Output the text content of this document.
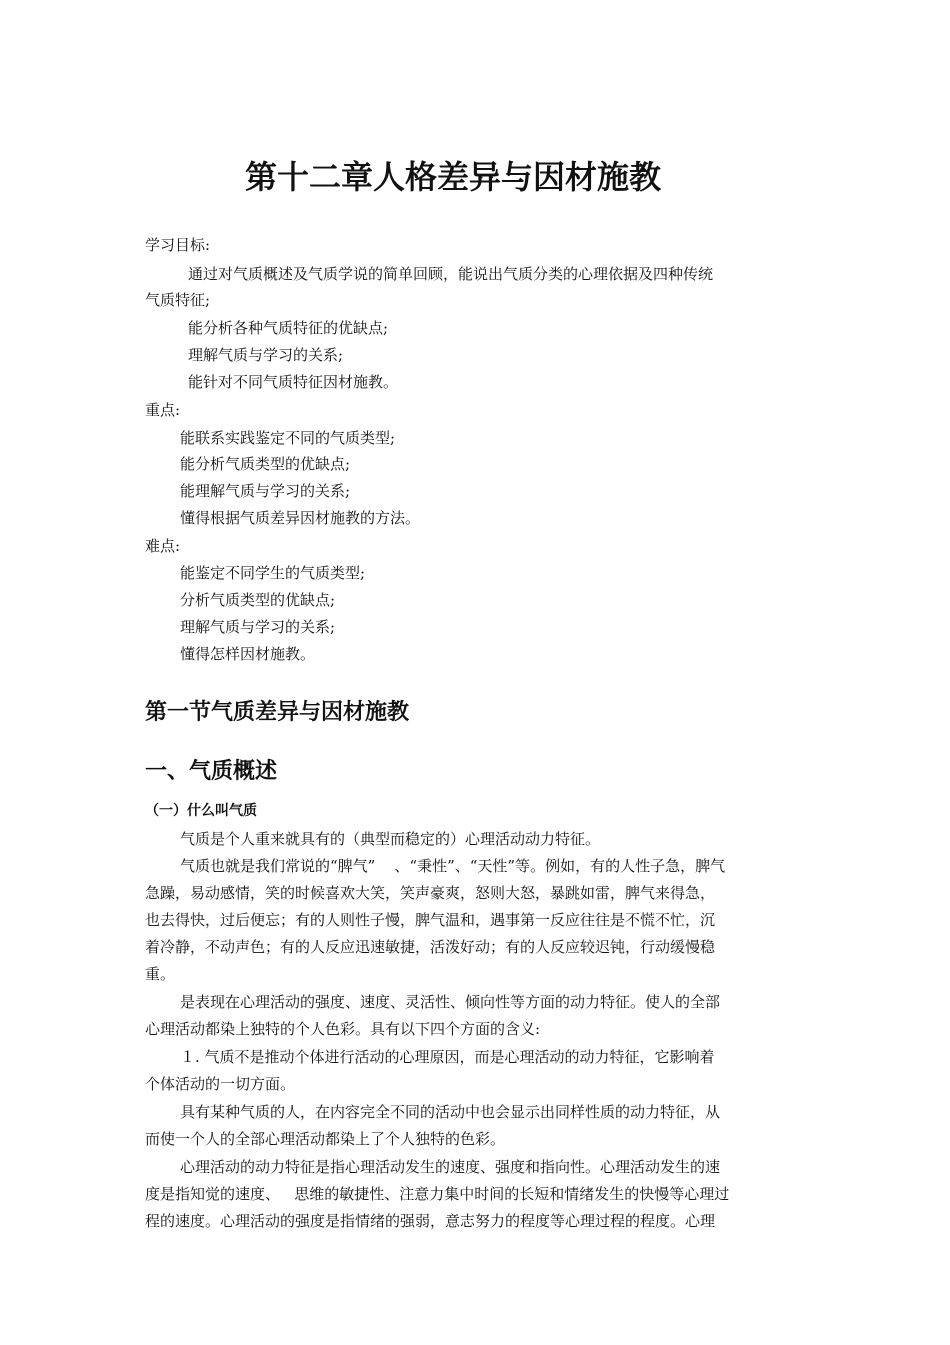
第十二章人格差异与因材施教

学习目标:

通过对气质概述及气质学说的简单回顾，能说出气质分类的心理依据及四种传统

气质特征;

能分析各种气质特征的优缺点;

理解气质与学习的关系;

能针对不同气质特征因材施教。

重点:

能联系实践鉴定不同的气质类型;

能分析气质类型的优缺点;

能理解气质与学习的关系;

懂得根据气质差异因材施教的方法。

难点:

能鉴定不同学生的气质类型;

分析气质类型的优缺点;

理解气质与学习的关系;

懂得怎样因材施教。

第一节气质差异与因材施教
一、气质概述
（一）什么叫气质

气质是个人重来就具有的（典型而稳定的）心理活动动力特征。

气质也就是我们常说的“脾气”    、“秉性”、“天性”等。例如，有的人性子急，脾气

急躁，易动感情，笑的时候喜欢大笑，笑声豪爽，怒则大怒，暴跳如雷，脾气来得急，

也去得快，过后便忘；有的人则性子慢，脾气温和，遇事第一反应往往是不慌不忙，沉

着冷静，不动声色；有的人反应迅速敏捷，活泼好动；有的人反应较迟钝，行动缓慢稳

重。

是表现在心理活动的强度、速度、灵活性、倾向性等方面的动力特征。使人的全部

心理活动都染上独特的个人色彩。具有以下四个方面的含义:

１. 气质不是推动个体进行活动的心理原因，而是心理活动的动力特征，它影响着

个体活动的一切方面。

具有某种气质的人，在内容完全不同的活动中也会显示出同样性质的动力特征，从

而使一个人的全部心理活动都染上了个人独特的色彩。

心理活动的动力特征是指心理活动发生的速度、强度和指向性。心理活动发生的速

度是指知觉的速度、   思维的敏捷性、注意力集中时间的长短和情绪发生的快慢等心理过

程的速度。心理活动的强度是指情绪的强弱，意志努力的程度等心理过程的程度。心理
